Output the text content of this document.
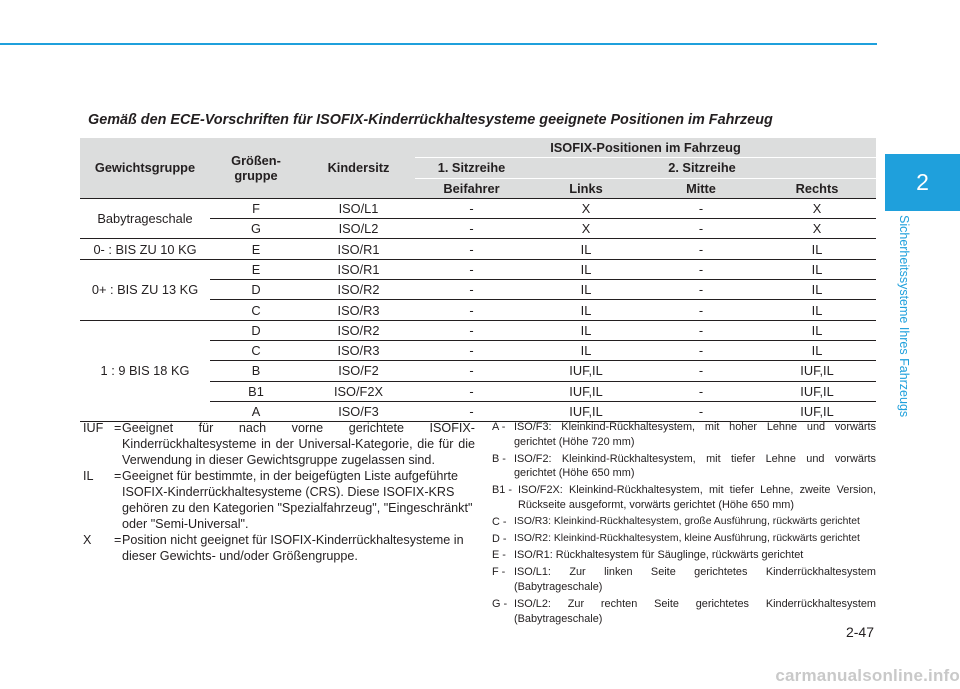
2
Sicherheitssysteme Ihres Fahrzeugs
Gemäß den ECE-Vorschriften für ISOFIX-Kinderrückhaltesysteme geeignete Positionen im Fahrzeug
Gewichtsgruppe	Größen-gruppe	Kindersitz	ISOFIX-Positionen im Fahrzeug			
			1. Sitzreihe	2. Sitzreihe		
			Beifahrer	Links	Mitte	Rechts
Babytrageschale	F	ISO/L1	-	X	-	X
	G	ISO/L2	-	X	-	X
0- : BIS ZU 10 KG	E	ISO/R1	-	IL	-	IL
0+ : BIS ZU 13 KG	E	ISO/R1	-	IL	-	IL
	D	ISO/R2	-	IL	-	IL
	C	ISO/R3	-	IL	-	IL
1 : 9 BIS 18 KG	D	ISO/R2	-	IL	-	IL
	C	ISO/R3	-	IL	-	IL
	B	ISO/F2	-	IUF,IL	-	IUF,IL
	B1	ISO/F2X	-	IUF,IL	-	IUF,IL
	A	ISO/F3	-	IUF,IL	-	IUF,IL
IUF = Geeignet für nach vorne gerichtete ISOFIX-Kinderrückhaltesysteme in der Universal-Kategorie, die für die Verwendung in dieser Gewichtsgruppe zugelassen sind.
IL	= Geeignet für bestimmte, in der beigefügten Liste aufgeführte ISOFIX-Kinderrückhaltesysteme (CRS). Diese ISOFIX-KRS gehören zu den Kategorien "Spezialfahrzeug", "Eingeschränkt" oder "Semi-Universal".
X	= Position nicht geeignet für ISOFIX-Kinderrückhaltesysteme in dieser Gewichts- und/oder Größengruppe.
A - ISO/F3: Kleinkind-Rückhaltesystem, mit hoher Lehne und vorwärts gerichtet (Höhe 720 mm)
B - ISO/F2: Kleinkind-Rückhaltesystem, mit tiefer Lehne und vorwärts gerichtet (Höhe 650 mm)
B1 - ISO/F2X: Kleinkind-Rückhaltesystem, mit tiefer Lehne, zweite Version, Rückseite ausgeformt, vorwärts gerichtet (Höhe 650 mm)
C - ISO/R3: Kleinkind-Rückhaltesystem, große Ausführung, rückwärts gerichtet
D - ISO/R2: Kleinkind-Rückhaltesystem, kleine Ausführung, rückwärts gerichtet
E - ISO/R1: Rückhaltesystem für Säuglinge, rückwärts gerichtet
F - ISO/L1: Zur linken Seite gerichtetes Kinderrückhaltesystem (Babytrageschale)
G - ISO/L2: Zur rechten Seite gerichtetes Kinderrückhaltesystem (Babytrageschale)
2-47
carmanualsonline.info
